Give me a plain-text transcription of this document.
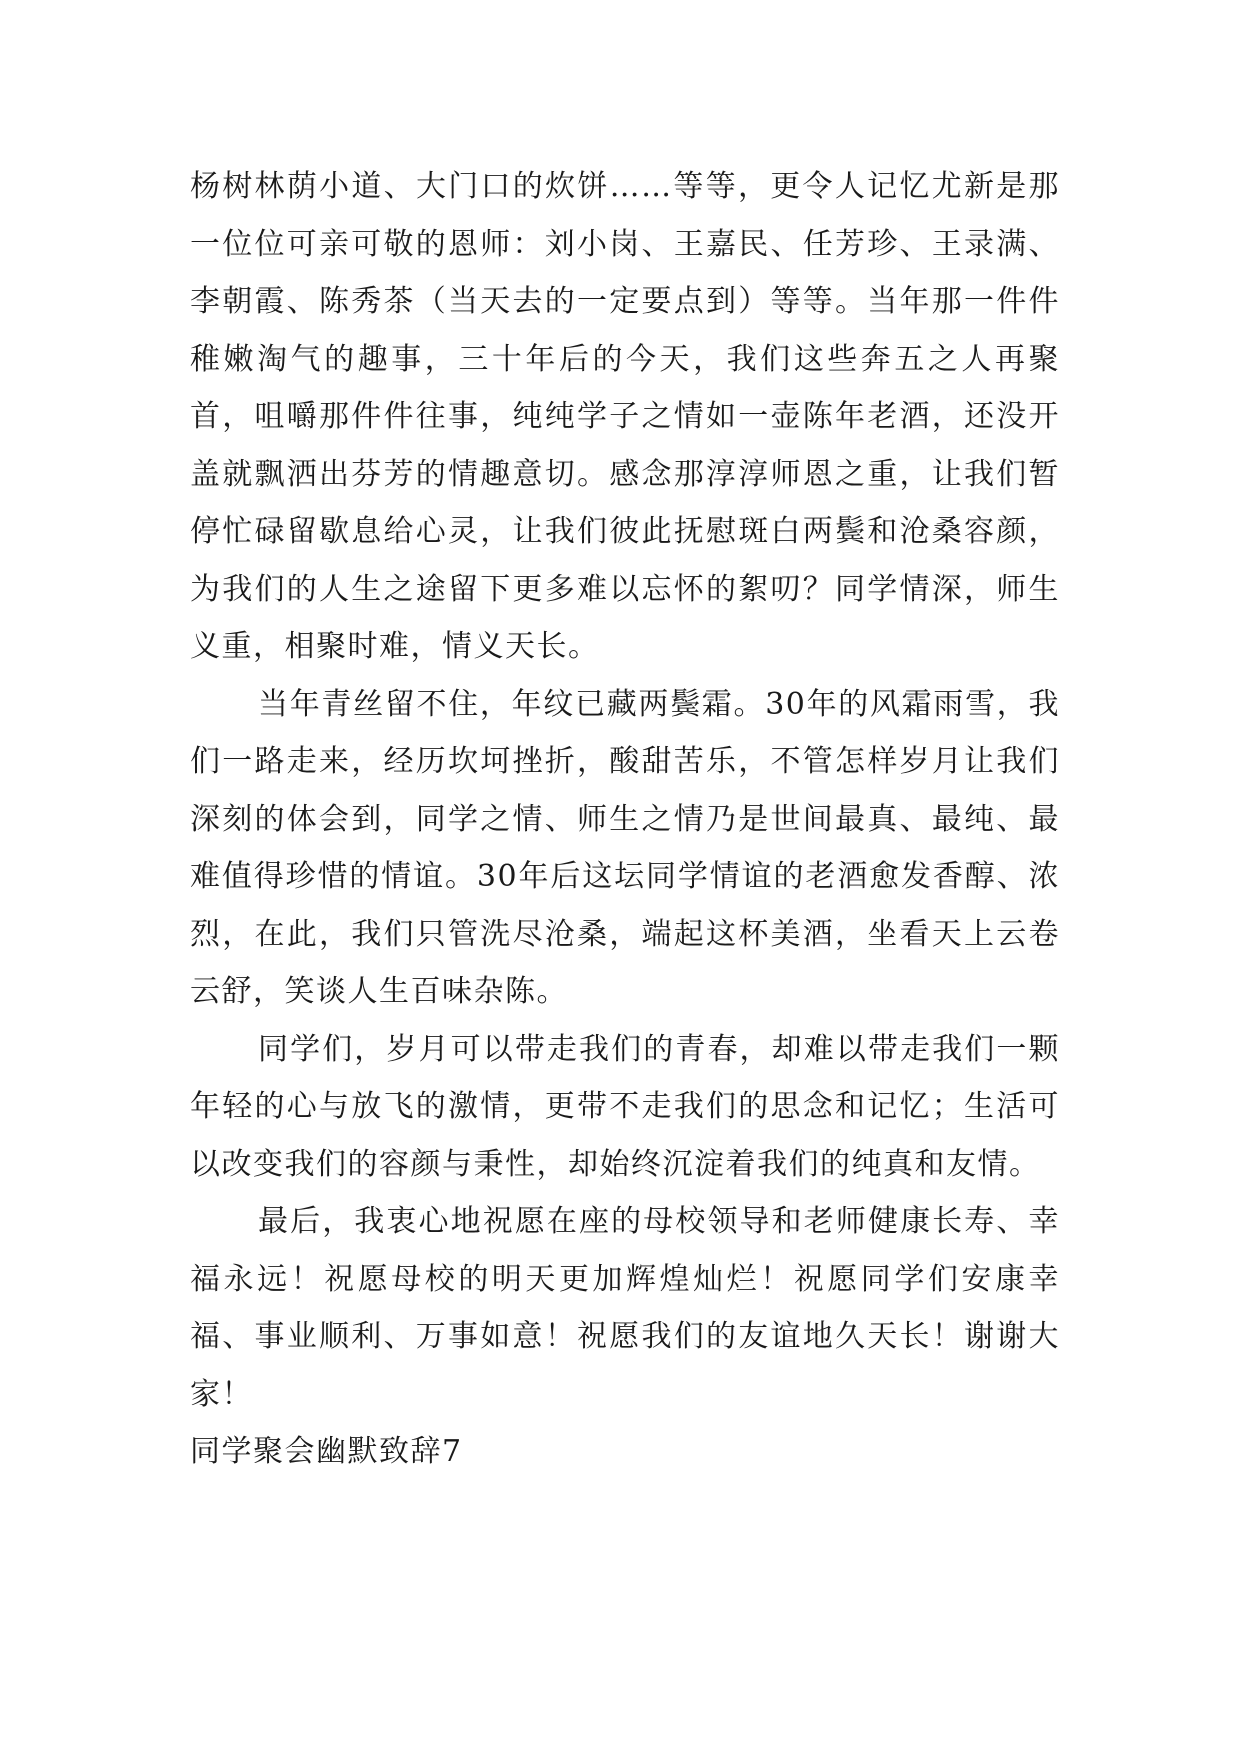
杨树林荫小道、大门口的炊饼……等等，更令人记忆尤新是那一位位可亲可敬的恩师：刘小岗、王嘉民、任芳珍、王录满、李朝霞、陈秀茶（当天去的一定要点到）等等。当年那一件件稚嫩淘气的趣事，三十年后的今天，我们这些奔五之人再聚首，咀嚼那件件往事，纯纯学子之情如一壶陈年老酒，还没开盖就飘洒出芬芳的情趣意切。感念那淳淳师恩之重，让我们暂停忙碌留歇息给心灵，让我们彼此抚慰斑白两鬓和沧桑容颜，为我们的人生之途留下更多难以忘怀的絮叨？同学情深，师生义重，相聚时难，情义天长。

当年青丝留不住，年纹已藏两鬓霜。30年的风霜雨雪，我们一路走来，经历坎坷挫折，酸甜苦乐，不管怎样岁月让我们深刻的体会到，同学之情、师生之情乃是世间最真、最纯、最难值得珍惜的情谊。30年后这坛同学情谊的老酒愈发香醇、浓烈，在此，我们只管洗尽沧桑，端起这杯美酒，坐看天上云卷云舒，笑谈人生百味杂陈。

同学们，岁月可以带走我们的青春，却难以带走我们一颗年轻的心与放飞的激情，更带不走我们的思念和记忆；生活可以改变我们的容颜与秉性，却始终沉淀着我们的纯真和友情。

最后，我衷心地祝愿在座的母校领导和老师健康长寿、幸福永远！祝愿母校的明天更加辉煌灿烂！祝愿同学们安康幸福、事业顺利、万事如意！祝愿我们的友谊地久天长！谢谢大家！

同学聚会幽默致辞7
